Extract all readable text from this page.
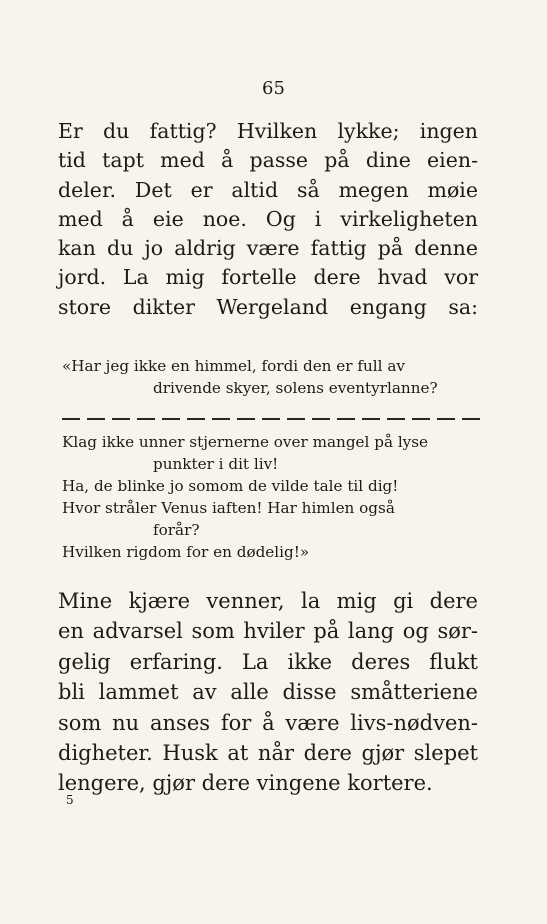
65
Er du fattig? Hvilken lykke; ingen
tid tapt med å passe på dine eien-
deler. Det er altid så megen møie
med å eie noe. Og i virkeligheten
kan du jo aldrig være fattig på denne
jord. La mig fortelle dere hvad vor
store dikter Wergeland engang sa:
«Har jeg ikke en himmel, fordi den er full av
drivende skyer, solens eventyrlanne?
Klag ikke unner stjernerne over mangel på lyse
punkter i dit liv!
Ha, de blinke jo somom de vilde tale til dig!
Hvor stråler Venus iaften! Har himlen også
forår?
Hvilken rigdom for en dødelig!»
Mine kjære venner, la mig gi dere
en advarsel som hviler på lang og sør-
gelig erfaring. La ikke deres flukt
bli lammet av alle disse småtteriene
som nu anses for å være livs-nødven-
digheter. Husk at når dere gjør slepet
lengere, gjør dere vingene kortere.
5
